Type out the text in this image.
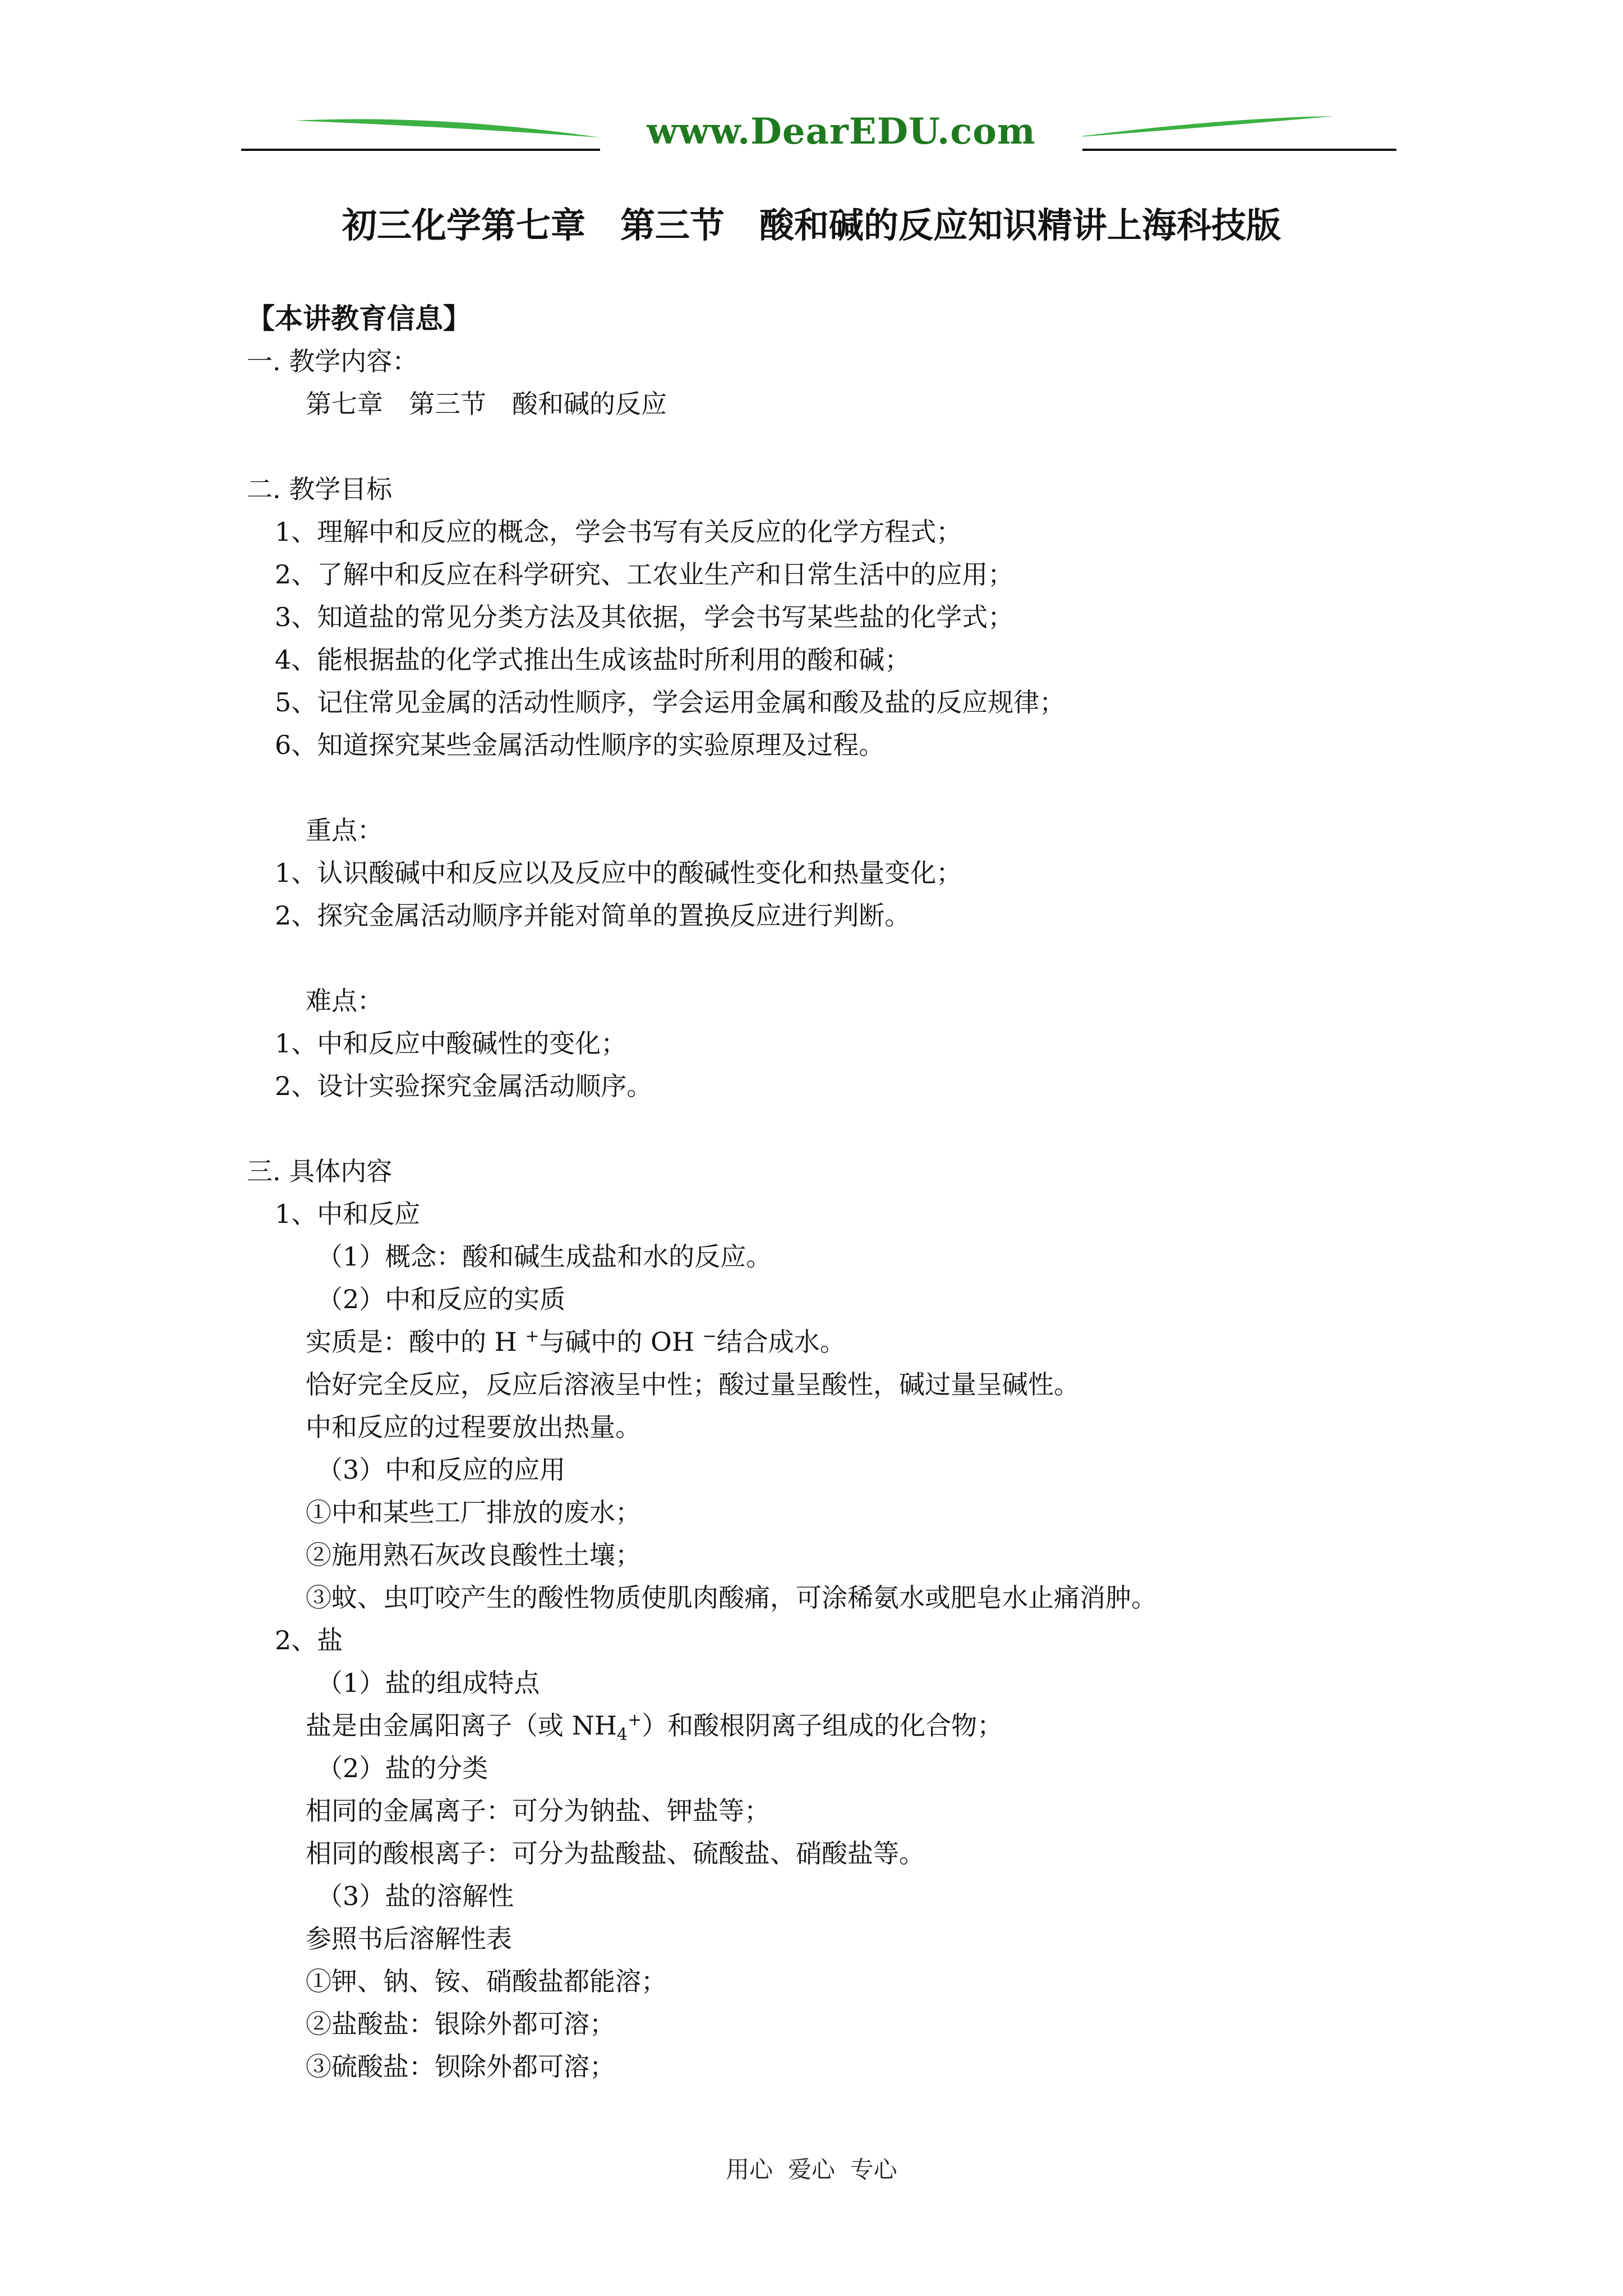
www.DearEDU.com
初三化学第七章　第三节　酸和碱的反应知识精讲上海科技版
【本讲教育信息】
一. 教学内容：
第七章　第三节　酸和碱的反应
二. 教学目标
1、理解中和反应的概念，学会书写有关反应的化学方程式；
2、了解中和反应在科学研究、工农业生产和日常生活中的应用；
3、知道盐的常见分类方法及其依据，学会书写某些盐的化学式；
4、能根据盐的化学式推出生成该盐时所利用的酸和碱；
5、记住常见金属的活动性顺序，学会运用金属和酸及盐的反应规律；
6、知道探究某些金属活动性顺序的实验原理及过程。
重点：
1、认识酸碱中和反应以及反应中的酸碱性变化和热量变化；
2、探究金属活动顺序并能对简单的置换反应进行判断。
难点：
1、中和反应中酸碱性的变化；
2、设计实验探究金属活动顺序。
三. 具体内容
1、中和反应
（1）概念：酸和碱生成盐和水的反应。
（2）中和反应的实质
实质是：酸中的 H +与碱中的 OH −结合成水。
恰好完全反应，反应后溶液呈中性；酸过量呈酸性，碱过量呈碱性。
中和反应的过程要放出热量。
（3）中和反应的应用
①中和某些工厂排放的废水；
②施用熟石灰改良酸性土壤；
③蚊、虫叮咬产生的酸性物质使肌肉酸痛，可涂稀氨水或肥皂水止痛消肿。
2、盐
（1）盐的组成特点
盐是由金属阳离子（或 $NH_4^+$）和酸根阴离子组成的化合物；
（2）盐的分类
相同的金属离子：可分为钠盐、钾盐等；
相同的酸根离子：可分为盐酸盐、硫酸盐、硝酸盐等。
（3）盐的溶解性
参照书后溶解性表
①钾、钠、铵、硝酸盐都能溶；
②盐酸盐：银除外都可溶；
③硫酸盐：钡除外都可溶；
用心  爱心  专心
